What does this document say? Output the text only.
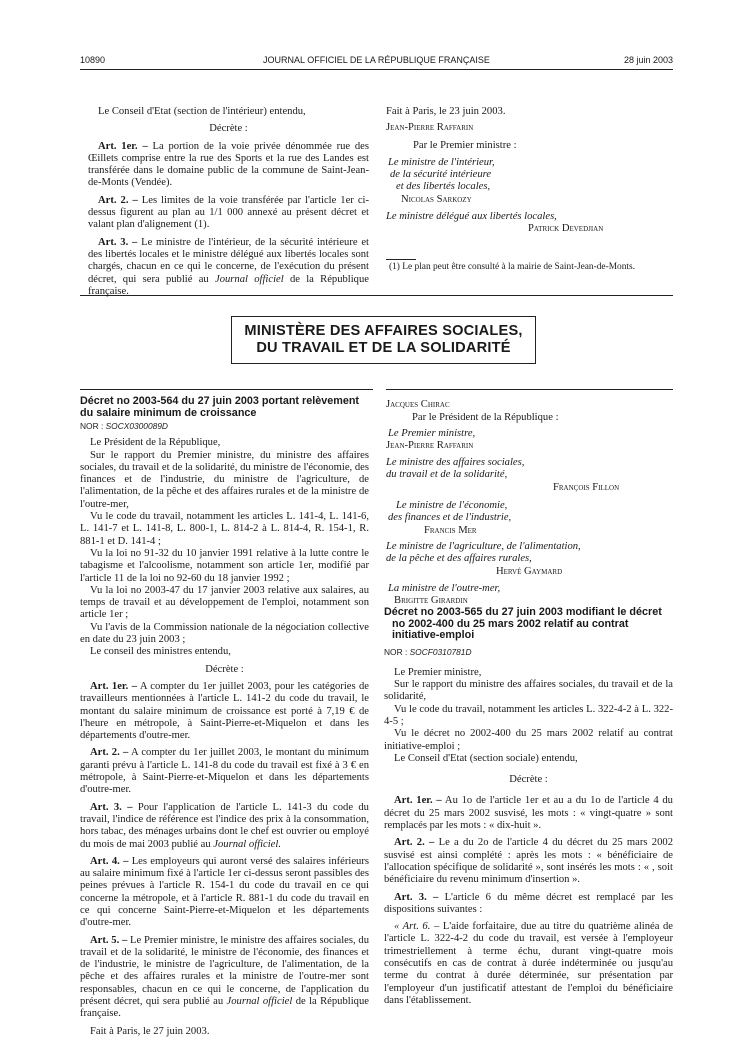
10890	JOURNAL OFFICIEL DE LA RÉPUBLIQUE FRANÇAISE	28 juin 2003

Le Conseil d'Etat (section de l'intérieur) entendu,

Décrète :

Art. 1er. – La portion de la voie privée dénommée rue des Œillets comprise entre la rue des Sports et la rue des Landes est transférée dans le domaine public de la commune de Saint-Jean-de-Monts (Vendée).

Art. 2. – Les limites de la voie transférée par l'article 1er ci-dessus figurent au plan au 1/1 000 annexé au présent décret et valant plan d'alignement (1).

Art. 3. – Le ministre de l'intérieur, de la sécurité intérieure et des libertés locales et le ministre délégué aux libertés locales sont chargés, chacun en ce qui le concerne, de l'exécution du présent décret, qui sera publié au Journal officiel de la République française.

Fait à Paris, le 23 juin 2003.

Jean-Pierre Raffarin

Par le Premier ministre :

Le ministre de l'intérieur,

de la sécurité intérieure

et des libertés locales,

Nicolas Sarkozy

Le ministre délégué aux libertés locales,

Patrick Devedjian

(1) Le plan peut être consulté à la mairie de Saint-Jean-de-Monts.

MINISTÈRE DES AFFAIRES SOCIALES,
DU TRAVAIL ET DE LA SOLIDARITÉ

Décret no 2003-564 du 27 juin 2003 portant relèvement

du salaire minimum de croissance

NOR : SOCX0300089D

Le Président de la République,

Sur le rapport du Premier ministre, du ministre des affaires sociales, du travail et de la solidarité, du ministre de l'économie, des finances et de l'industrie, du ministre de l'agriculture, de l'alimentation, de la pêche et des affaires rurales et de la ministre de l'outre-mer,

Vu le code du travail, notamment les articles L. 141-4, L. 141-6, L. 141-7 et L. 141-8, L. 800-1, L. 814-2 à L. 814-4, R. 154-1, R. 881-1 et D. 141-4 ;

Vu la loi no 91-32 du 10 janvier 1991 relative à la lutte contre le tabagisme et l'alcoolisme, notamment son article 1er, modifié par l'article 11 de la loi no 92-60 du 18 janvier 1992 ;

Vu la loi no 2003-47 du 17 janvier 2003 relative aux salaires, au temps de travail et au développement de l'emploi, notamment son article 1er ;

Vu l'avis de la Commission nationale de la négociation collective en date du 23 juin 2003 ;

Le conseil des ministres entendu,

Décrète :

Art. 1er. – A compter du 1er juillet 2003, pour les catégories de travailleurs mentionnées à l'article L. 141-2 du code du travail, le montant du salaire minimum de croissance est porté à 7,19 € de l'heure en métropole, à Saint-Pierre-et-Miquelon et dans les départements d'outre-mer.

Art. 2. – A compter du 1er juillet 2003, le montant du minimum garanti prévu à l'article L. 141-8 du code du travail est fixé à 3 € en métropole, à Saint-Pierre-et-Miquelon et dans les départements d'outre-mer.

Art. 3. – Pour l'application de l'article L. 141-3 du code du travail, l'indice de référence est l'indice des prix à la consommation, hors tabac, des ménages urbains dont le chef est ouvrier ou employé du mois de mai 2003 publié au Journal officiel.

Art. 4. – Les employeurs qui auront versé des salaires inférieurs au salaire minimum fixé à l'article 1er ci-dessus seront passibles des peines prévues à l'article R. 154-1 du code du travail en ce qui concerne la métropole, et à l'article R. 881-1 du code du travail en ce qui concerne Saint-Pierre-et-Miquelon et les départements d'outre-mer.

Art. 5. – Le Premier ministre, le ministre des affaires sociales, du travail et de la solidarité, le ministre de l'économie, des finances et de l'industrie, le ministre de l'agriculture, de l'alimentation, de la pêche et des affaires rurales et la ministre de l'outre-mer sont responsables, chacun en ce qui le concerne, de l'application du présent décret, qui sera publié au Journal officiel de la République française.

Fait à Paris, le 27 juin 2003.

Jacques Chirac

Par le Président de la République :

Le Premier ministre,

Jean-Pierre Raffarin

Le ministre des affaires sociales,

du travail et de la solidarité,

François Fillon

Le ministre de l'économie,

des finances et de l'industrie,

Francis Mer

Le ministre de l'agriculture, de l'alimentation,

de la pêche et des affaires rurales,

Hervé Gaymard

La ministre de l'outre-mer,

Brigitte Girardin

Décret no 2003-565 du 27 juin 2003 modifiant le décret

no 2002-400 du 25 mars 2002 relatif au contrat

initiative-emploi

NOR : SOCF0310781D

Le Premier ministre,

Sur le rapport du ministre des affaires sociales, du travail et de la solidarité,

Vu le code du travail, notamment les articles L. 322-4-2 à L. 322-4-5 ;

Vu le décret no 2002-400 du 25 mars 2002 relatif au contrat initiative-emploi ;

Le Conseil d'Etat (section sociale) entendu,

Décrète :

Art. 1er. – Au 1o de l'article 1er et au a du 1o de l'article 4 du décret du 25 mars 2002 susvisé, les mots : « vingt-quatre » sont remplacés par les mots : « dix-huit ».

Art. 2. – Le a du 2o de l'article 4 du décret du 25 mars 2002 susvisé est ainsi complété : après les mots : « bénéficiaire de l'allocation spécifique de solidarité », sont insérés les mots : « , soit bénéficiaire du revenu minimum d'insertion ».

Art. 3. – L'article 6 du même décret est remplacé par les dispositions suivantes :

« Art. 6. – L'aide forfaitaire, due au titre du quatrième alinéa de l'article L. 322-4-2 du code du travail, est versée à l'employeur trimestriellement à terme échu, durant vingt-quatre mois consécutifs en cas de contrat à durée indéterminée ou jusqu'au terme du contrat à durée déterminée, sur présentation par l'employeur d'un justificatif attestant de l'emploi du bénéficiaire dans l'établissement.
